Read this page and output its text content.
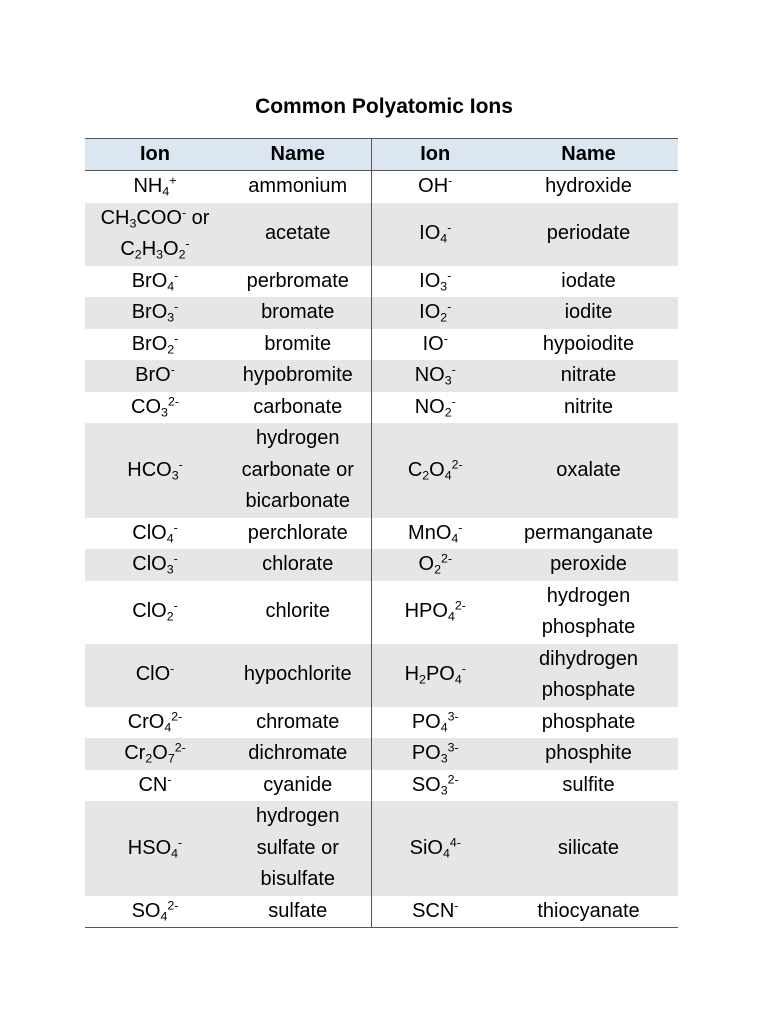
Common Polyatomic Ions
Ion	Name	Ion	Name
$NH_4^+$	ammonium	OH-	hydroxide
$CH_3COO^-$ or
$C_2H_3O_2^-$	acetate	$IO_4^-$	periodate
BrO$_4$-	perbromate	$IO_3^-$	iodate
BrO$_3$-	bromate	$IO_2^-$	iodite
BrO$_2$-	bromite	IO-	hypoiodite
BrO-	hypobromite	$NO_3^-$	nitrate
$CO_3^{2-}$	carbonate	$NO_2^-$	nitrite
$HCO_3^-$	hydrogen carbonate or bicarbonate	$C_2O_4^{2-}$	oxalate
ClO$_4$-	perchlorate	MnO$_4$-	permanganate
ClO$_3$-	chlorate	$O_2^{2-}$	peroxide
ClO$_2$-	chlorite	$HPO_4^{2-}$	hydrogen phosphate
ClO-	hypochlorite	$H_2PO_4^-$	dihydrogen phosphate
CrO$_4^{2-}$	chromate	$PO_4^{3-}$	phosphate
$Cr_2O_7^{2-}$	dichromate	$PO_3^{3-}$	phosphite
CN-	cyanide	$SO_3^{2-}$	sulfite
$HSO_4^-$	hydrogen sulfate or bisulfate	SiO$_4^{4-}$	silicate
$SO_4^{2-}$	sulfate	SCN-	thiocyanate
